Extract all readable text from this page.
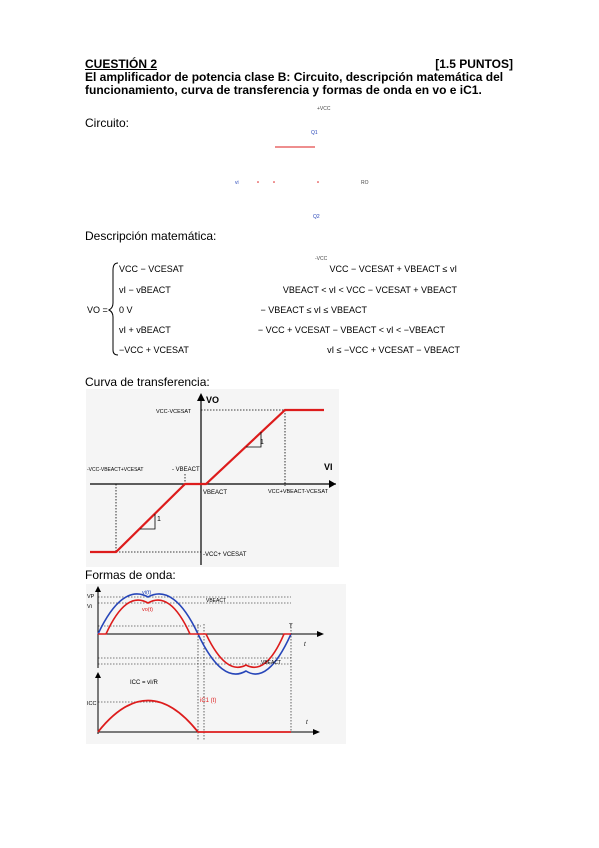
CUESTIÓN 2	[1.5 PUNTOS]
El amplificador de potencia clase B: Circuito, descripción matemática del funcionamiento, curva de transferencia y formas de onda en vo e iC1.
Circuito:
+VCC
Q1
vi	RO
Q2
-VCC
Descripción matemática:
VO =
VCC − VCESAT	VCC − VCESAT + VBEACT ≤ vI
vI − vBEACT	VBEACT < vI < VCC − VCESAT + VBEACT
0 V	− VBEACT ≤ vI ≤ VBEACT
vI + vBEACT	− VCC + VCESAT − VBEACT < vI < −VBEACT
−VCC + VCESAT	vI ≤ −VCC + VCESAT − VBEACT
Curva de transferencia:
1
1
VO
VI
VCC-VCESAT
-VCC-VBEACT+VCESAT	- VBEACT
VBEACT	VCC+VBEACT-VCESAT
-VCC+ VCESAT
Formas de onda:
VP
Vi
vi(t)
vo(t)
VBEACT
VBEACT
T
t
ICC
ICC = vI/R
iC1 (t)
t
